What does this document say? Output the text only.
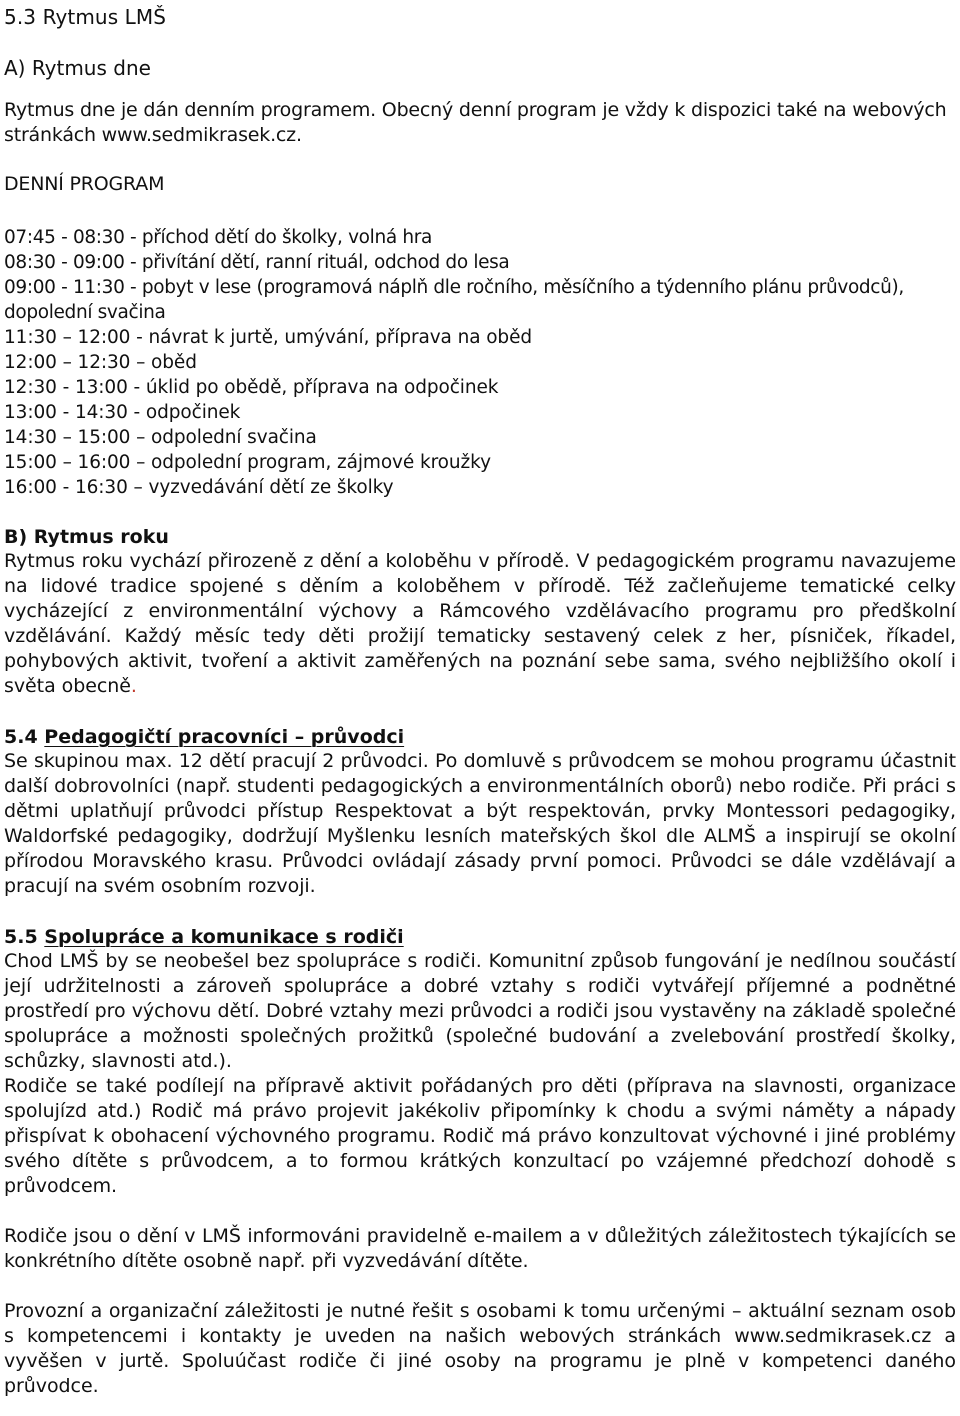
5.3 Rytmus LMŠ
A) Rytmus dne

Rytmus dne je dán denním programem. Obecný denní program je vždy k dispozici také na webových stránkách www.sedmikrasek.cz.

DENNÍ PROGRAM

07:45 - 08:30 - příchod dětí do školky, volná hra
08:30 - 09:00 - přivítání dětí, ranní rituál, odchod do lesa
09:00 - 11:30 - pobyt v lese (programová náplň dle ročního, měsíčního a týdenního plánu průvodců), dopolední svačina
11:30 – 12:00 - návrat k jurtě, umývání, příprava na oběd
12:00 – 12:30 – oběd
12:30 - 13:00 - úklid po obědě, příprava na odpočinek
13:00 - 14:30 - odpočinek
14:30 – 15:00 – odpolední svačina
15:00 – 16:00 – odpolední program, zájmové kroužky
16:00 - 16:30 – vyzvedávání dětí ze školky
B) Rytmus roku

Rytmus roku vychází přirozeně z dění a koloběhu v přírodě. V pedagogickém programu navazujeme na lidové tradice spojené s děním a koloběhem v přírodě. Též začleňujeme tematické celky vycházející z environmentální výchovy a Rámcového vzdělávacího programu pro předškolní vzdělávání. Každý měsíc tedy děti prožijí tematicky sestavený celek z her, písniček, říkadel, pohybových aktivit, tvoření a aktivit zaměřených na poznání sebe sama, svého nejbližšího okolí i světa obecně.

5.4 Pedagogičtí pracovníci – průvodci

Se skupinou max. 12 dětí pracují 2 průvodci. Po domluvě s průvodcem se mohou programu účastnit další dobrovolníci (např. studenti pedagogických a environmentálních oborů) nebo rodiče. Při práci s dětmi uplatňují průvodci přístup Respektovat a být respektován, prvky Montessori pedagogiky, Waldorfské pedagogiky, dodržují Myšlenku lesních mateřských škol dle ALMŠ a inspirují se okolní přírodou Moravského krasu. Průvodci ovládají zásady první pomoci. Průvodci se dále vzdělávají a pracují na svém osobním rozvoji.

5.5 Spolupráce a komunikace s rodiči

Chod LMŠ by se neobešel bez spolupráce s rodiči. Komunitní způsob fungování je nedílnou součástí její udržitelnosti a zároveň spolupráce a dobré vztahy s rodiči vytvářejí příjemné a podnětné prostředí pro výchovu dětí. Dobré vztahy mezi průvodci a rodiči jsou vystavěny na základě společné spolupráce a možnosti společných prožitků (společné budování a zvelebování prostředí školky, schůzky, slavnosti atd.).

Rodiče se také podílejí na přípravě aktivit pořádaných pro děti (příprava na slavnosti, organizace spolujízd atd.) Rodič má právo projevit jakékoliv připomínky k chodu a svými náměty a nápady přispívat k obohacení výchovného programu. Rodič má právo konzultovat výchovné i jiné problémy svého dítěte s průvodcem, a to formou krátkých konzultací po vzájemné předchozí dohodě s průvodcem.

Rodiče jsou o dění v LMŠ informováni pravidelně e-mailem a v důležitých záležitostech týkajících se konkrétního dítěte osobně např. při vyzvedávání dítěte.

Provozní a organizační záležitosti je nutné řešit s osobami k tomu určenými – aktuální seznam osob s kompetencemi i kontakty je uveden na našich webových stránkách www.sedmikrasek.cz a vyvěšen v jurtě. Spoluúčast rodiče či jiné osoby na programu je plně v kompetenci daného průvodce.
